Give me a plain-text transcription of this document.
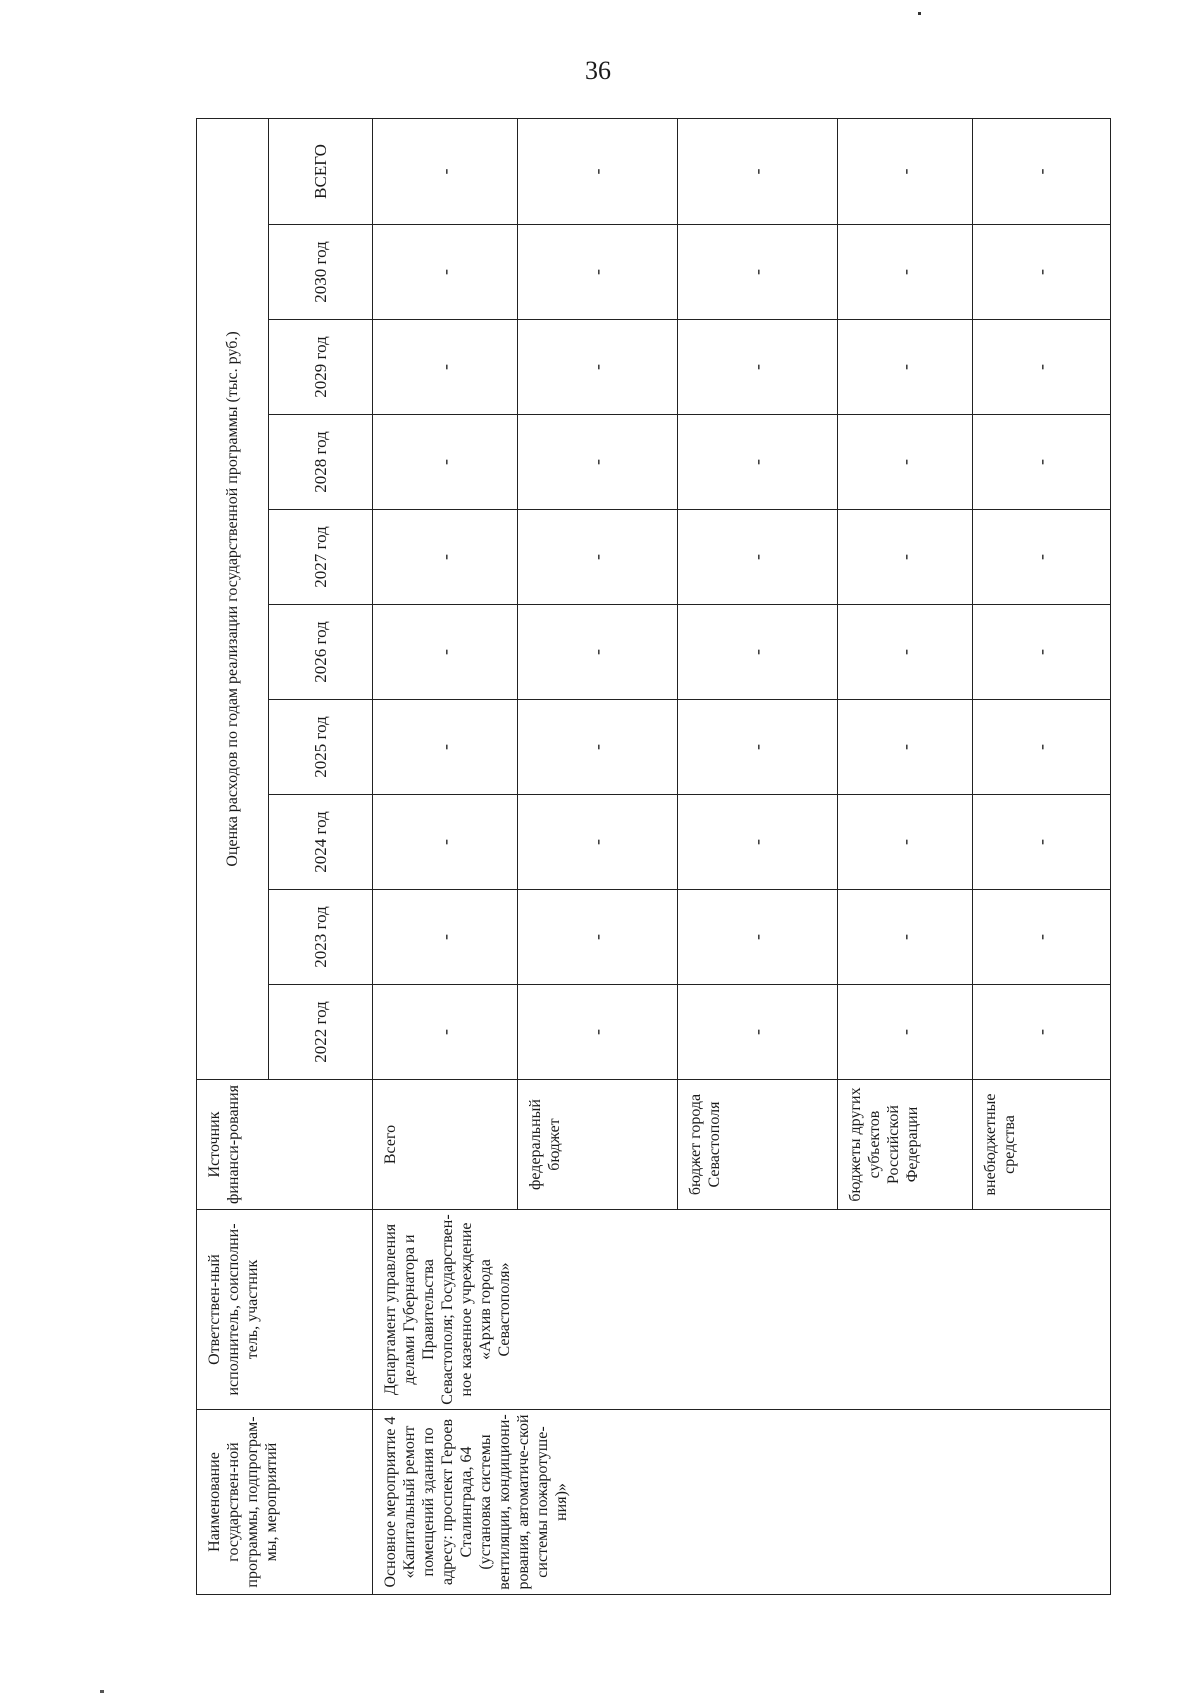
36
Наименование государствен-ной программы, подпрограм-мы, мероприятий	Ответствен-ный исполнитель, соисполни-тель, участник	Источник финанси-рования	Оценка расходов по годам реализации государственной программы (тыс. руб.)									
			2022 год	2023 год	2024 год	2025 год	2026 год	2027 год	2028 год	2029 год	2030 год	ВСЕГО
Основное мероприятие 4 «Капитальный ремонт помещений здания по адресу: проспект Героев Сталинграда, 64 (установка системы вентиляции, кондициони-рования, автоматиче-ской системы пожаротуше-ния)»	Департамент управления делами Губернатора и Правительства Севастополя; Государствен-ное казенное учреждение «Архив города Севастополя»	Всего	-	-	-	-	-	-	-	-	-	-
		федеральный бюджет	-	-	-	-	-	-	-	-	-	-
		бюджет города Севастополя	-	-	-	-	-	-	-	-	-	-
		бюджеты других субъектов Российской Федерации	-	-	-	-	-	-	-	-	-	-
		внебюджетные средства	-	-	-	-	-	-	-	-	-	-
